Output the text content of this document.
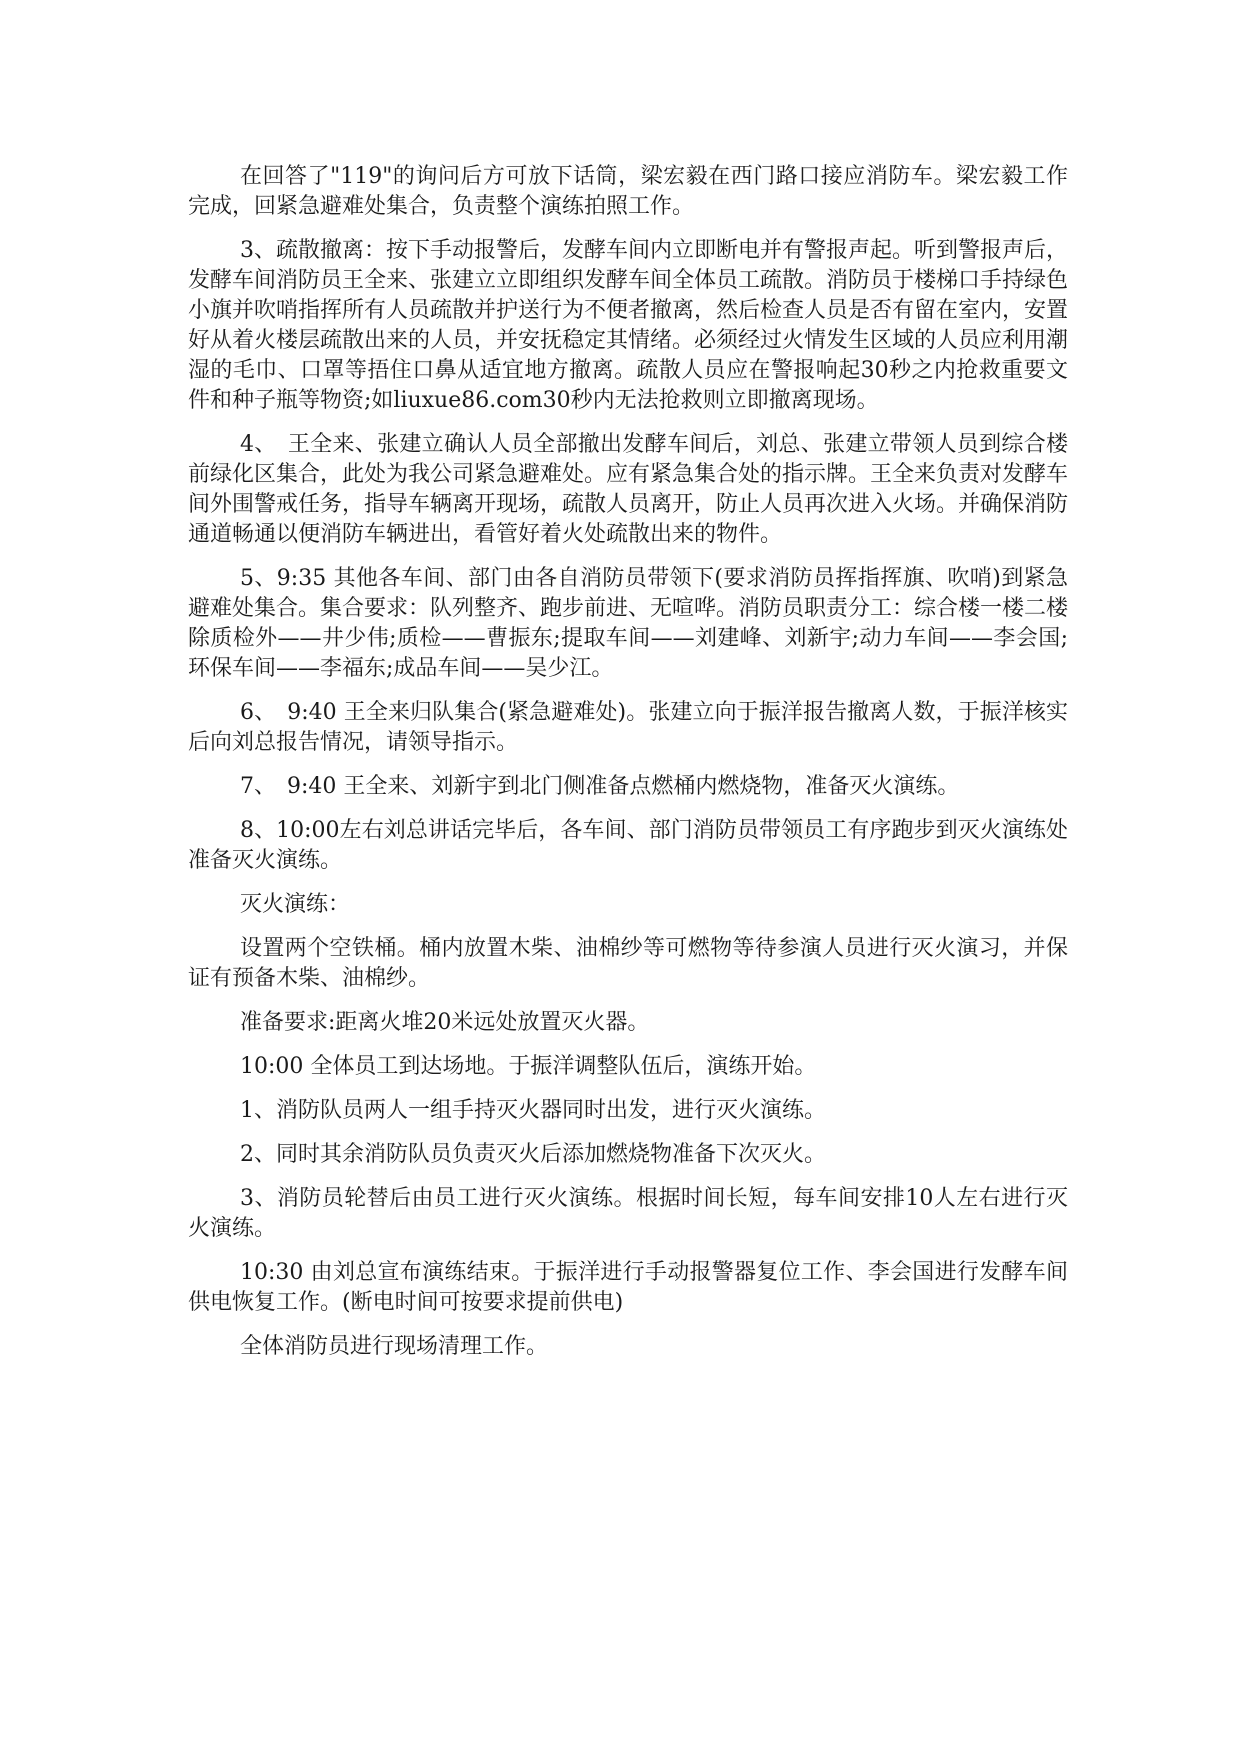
在回答了"119"的询问后方可放下话筒，梁宏毅在西门路口接应消防车。梁宏毅工作完成，回紧急避难处集合，负责整个演练拍照工作。

3、疏散撤离：按下手动报警后，发酵车间内立即断电并有警报声起。听到警报声后，发酵车间消防员王全来、张建立立即组织发酵车间全体员工疏散。消防员于楼梯口手持绿色小旗并吹哨指挥所有人员疏散并护送行为不便者撤离，然后检查人员是否有留在室内，安置好从着火楼层疏散出来的人员，并安抚稳定其情绪。必须经过火情发生区域的人员应利用潮湿的毛巾、口罩等捂住口鼻从适宜地方撤离。疏散人员应在警报响起30秒之内抢救重要文件和种子瓶等物资;如liuxue86.com30秒内无法抢救则立即撤离现场。

4、　王全来、张建立确认人员全部撤出发酵车间后，刘总、张建立带领人员到综合楼前绿化区集合，此处为我公司紧急避难处。应有紧急集合处的指示牌。王全来负责对发酵车间外围警戒任务，指导车辆离开现场，疏散人员离开，防止人员再次进入火场。并确保消防通道畅通以便消防车辆进出，看管好着火处疏散出来的物件。

5、9:35 其他各车间、部门由各自消防员带领下(要求消防员挥指挥旗、吹哨)到紧急避难处集合。集合要求：队列整齐、跑步前进、无喧哗。消防员职责分工：综合楼一楼二楼除质检外——井少伟;质检——曹振东;提取车间——刘建峰、刘新宇;动力车间——李会国;环保车间——李福东;成品车间——吴少江。

6、　9:40 王全来归队集合(紧急避难处)。张建立向于振洋报告撤离人数，于振洋核实后向刘总报告情况，请领导指示。

7、　9:40 王全来、刘新宇到北门侧准备点燃桶内燃烧物，准备灭火演练。

8、10:00左右刘总讲话完毕后，各车间、部门消防员带领员工有序跑步到灭火演练处准备灭火演练。

灭火演练：

设置两个空铁桶。桶内放置木柴、油棉纱等可燃物等待参演人员进行灭火演习，并保证有预备木柴、油棉纱。

准备要求:距离火堆20米远处放置灭火器。

10:00 全体员工到达场地。于振洋调整队伍后，演练开始。

1、消防队员两人一组手持灭火器同时出发，进行灭火演练。

2、同时其余消防队员负责灭火后添加燃烧物准备下次灭火。

3、消防员轮替后由员工进行灭火演练。根据时间长短，每车间安排10人左右进行灭火演练。

10:30 由刘总宣布演练结束。于振洋进行手动报警器复位工作、李会国进行发酵车间供电恢复工作。(断电时间可按要求提前供电)

全体消防员进行现场清理工作。
